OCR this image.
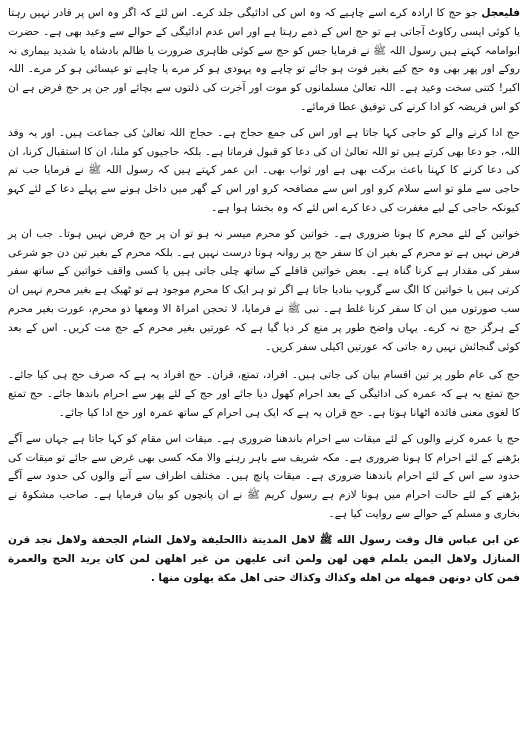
فلیعجل جو حج کا ارادہ کرے اسے چاہیے کہ وہ اس کی ادائیگی جلد کرے۔ اس لئے کہ اگر وہ اس پر قادر نہیں رہتا یا کوئی ایسی رکاوٹ آجاتی ہے تو حج اس کے ذمے رہتا ہے اور اس عدم ادائیگی کے حوالے سے وعید بھی ہے۔ حضرت ابوامامہ کہتے ہیں رسول اللہ ﷺ نے فرمایا جس کو حج سے کوئی ظاہری ضرورت یا ظالم بادشاہ یا شدید بیماری نہ روکے اور پھر بھی وہ حج کیے بغیر فوت ہو جائے تو چاہے وہ یہودی ہو کر مرے یا چاہے تو عیسائی ہو کر مرے۔ اللہ اکبر! کتنی سخت وعید ہے۔ اللہ تعالیٰ مسلمانوں کو موت اور آخرت کی ذلتوں سے بچائے اور جن پر حج فرض ہے ان کو اس فریضہ کو ادا کرنے کی توفیق عطا فرمائے۔

حج ادا کرنے والے کو حاجی کہا جاتا ہے اور اس کی جمع حجاج ہے۔ حجاج اللہ تعالیٰ کی جماعت ہیں۔ اور یہ وفد اللہ، جو دعا بھی کرتے ہیں تو اللہ تعالیٰ ان کی دعا کو قبول فرماتا ہے۔ بلکہ حاجیوں کو ملنا، ان کا استقبال کرنا، ان کی دعا کرنے کا کہنا باعث برکت بھی ہے اور ثواب بھی۔ ابن عمر کہتے ہیں کہ رسول اللہ ﷺ نے فرمایا جب تم حاجی سے ملو تو اسے سلام کرو اور اس سے مصافحہ کرو اور اس کے گھر میں داخل ہونے سے پہلے دعا کے لئے کہو کیونکہ حاجی کے لیے مغفرت کی دعا کرے اس لئے کہ وہ بخشا ہوا ہے۔

خواتین کے لئے محرم کا ہونا ضروری ہے۔ خواتین کو محرم میسر نہ ہو تو ان پر حج فرض نہیں ہوتا۔ جب ان پر فرض نہیں ہے تو محرم کے بغیر ان کا سفر حج پر روانہ ہونا درست نہیں ہے۔ بلکہ محرم کے بغیر تین دن جو شرعی سفر کی مقدار ہے کرنا گناہ ہے۔ بعض خواتین قافلے کے ساتھ چلی جاتی ہیں یا کسی واقف خواتین کے ساتھ سفر کرتی ہیں یا خواتین کا الگ سے گروپ بنادیا جاتا ہے اگر تو ہر ایک کا محرم موجود ہے تو ٹھیک ہے بغیر محرم نہیں ان سب صورتوں میں ان کا سفر کرنا غلط ہے۔ نبی ﷺ نے فرمایا، لا تحجن امراۃ الا ومعھا ذو محرم، عورت بغیر محرم کے ہرگز حج نہ کرے۔ یہاں واضح طور پر منع کر دیا گیا ہے کہ عورتیں بغیر محرم کے حج مت کریں۔ اس کے بعد کوئی گنجائش نہیں رہ جاتی کہ عورتیں اکیلی سفر کریں۔

حج کی عام طور پر تین اقسام بیان کی جاتی ہیں۔ افراد، تمتع، قران۔ حج افراد یہ ہے کہ صرف حج ہی کیا جائے۔ حج تمتع یہ ہے کہ عمرہ کی ادائیگی کے بعد احرام کھول دیا جائے اور حج کے لئے پھر سے احرام باندھا جائے۔ حج تمتع کا لغوی معنی فائدہ اٹھانا ہوتا ہے۔ حج قران یہ ہے کہ ایک ہی احرام کے ساتھ عمرہ اور حج ادا کیا جائے۔

حج یا عمرہ کرنے والوں کے لئے میقات سے احرام باندھنا ضروری ہے۔ میقات اس مقام کو کہا جاتا ہے جہاں سے آگے بڑھنے کے لئے احرام کا ہونا ضروری ہے۔ مکہ شریف سے باہر رہنے والا مکہ کسی بھی غرض سے جائے تو میقات کی حدود سے اس کے لئے احرام باندھنا ضروری ہے۔ میقات پانچ ہیں۔ مختلف اطراف سے آنے والوں کی حدود سے آگے بڑھنے کے لئے حالت احرام میں ہونا لازم ہے رسول کریم ﷺ نے ان پانچوں کو بیان فرمایا ہے۔ صاحب مشکوۃ نے بخاری و مسلم کے حوالے سے روایت کیا ہے۔

عن ابن عباس قال وقت رسول الله ﷺ لاهل المدينة ذاالحليفة ولاهل الشام الجحفة ولاهل نجد قرن المنازل ولاهل اليمن يلملم فهن لهن ولمن اتى عليهن من غير اهلهن لمن كان يريد الحج والعمرة فمن كان دونهن فمهله من اهله وكذاك وكذاك حتى اهل مكة يهلون منها .
